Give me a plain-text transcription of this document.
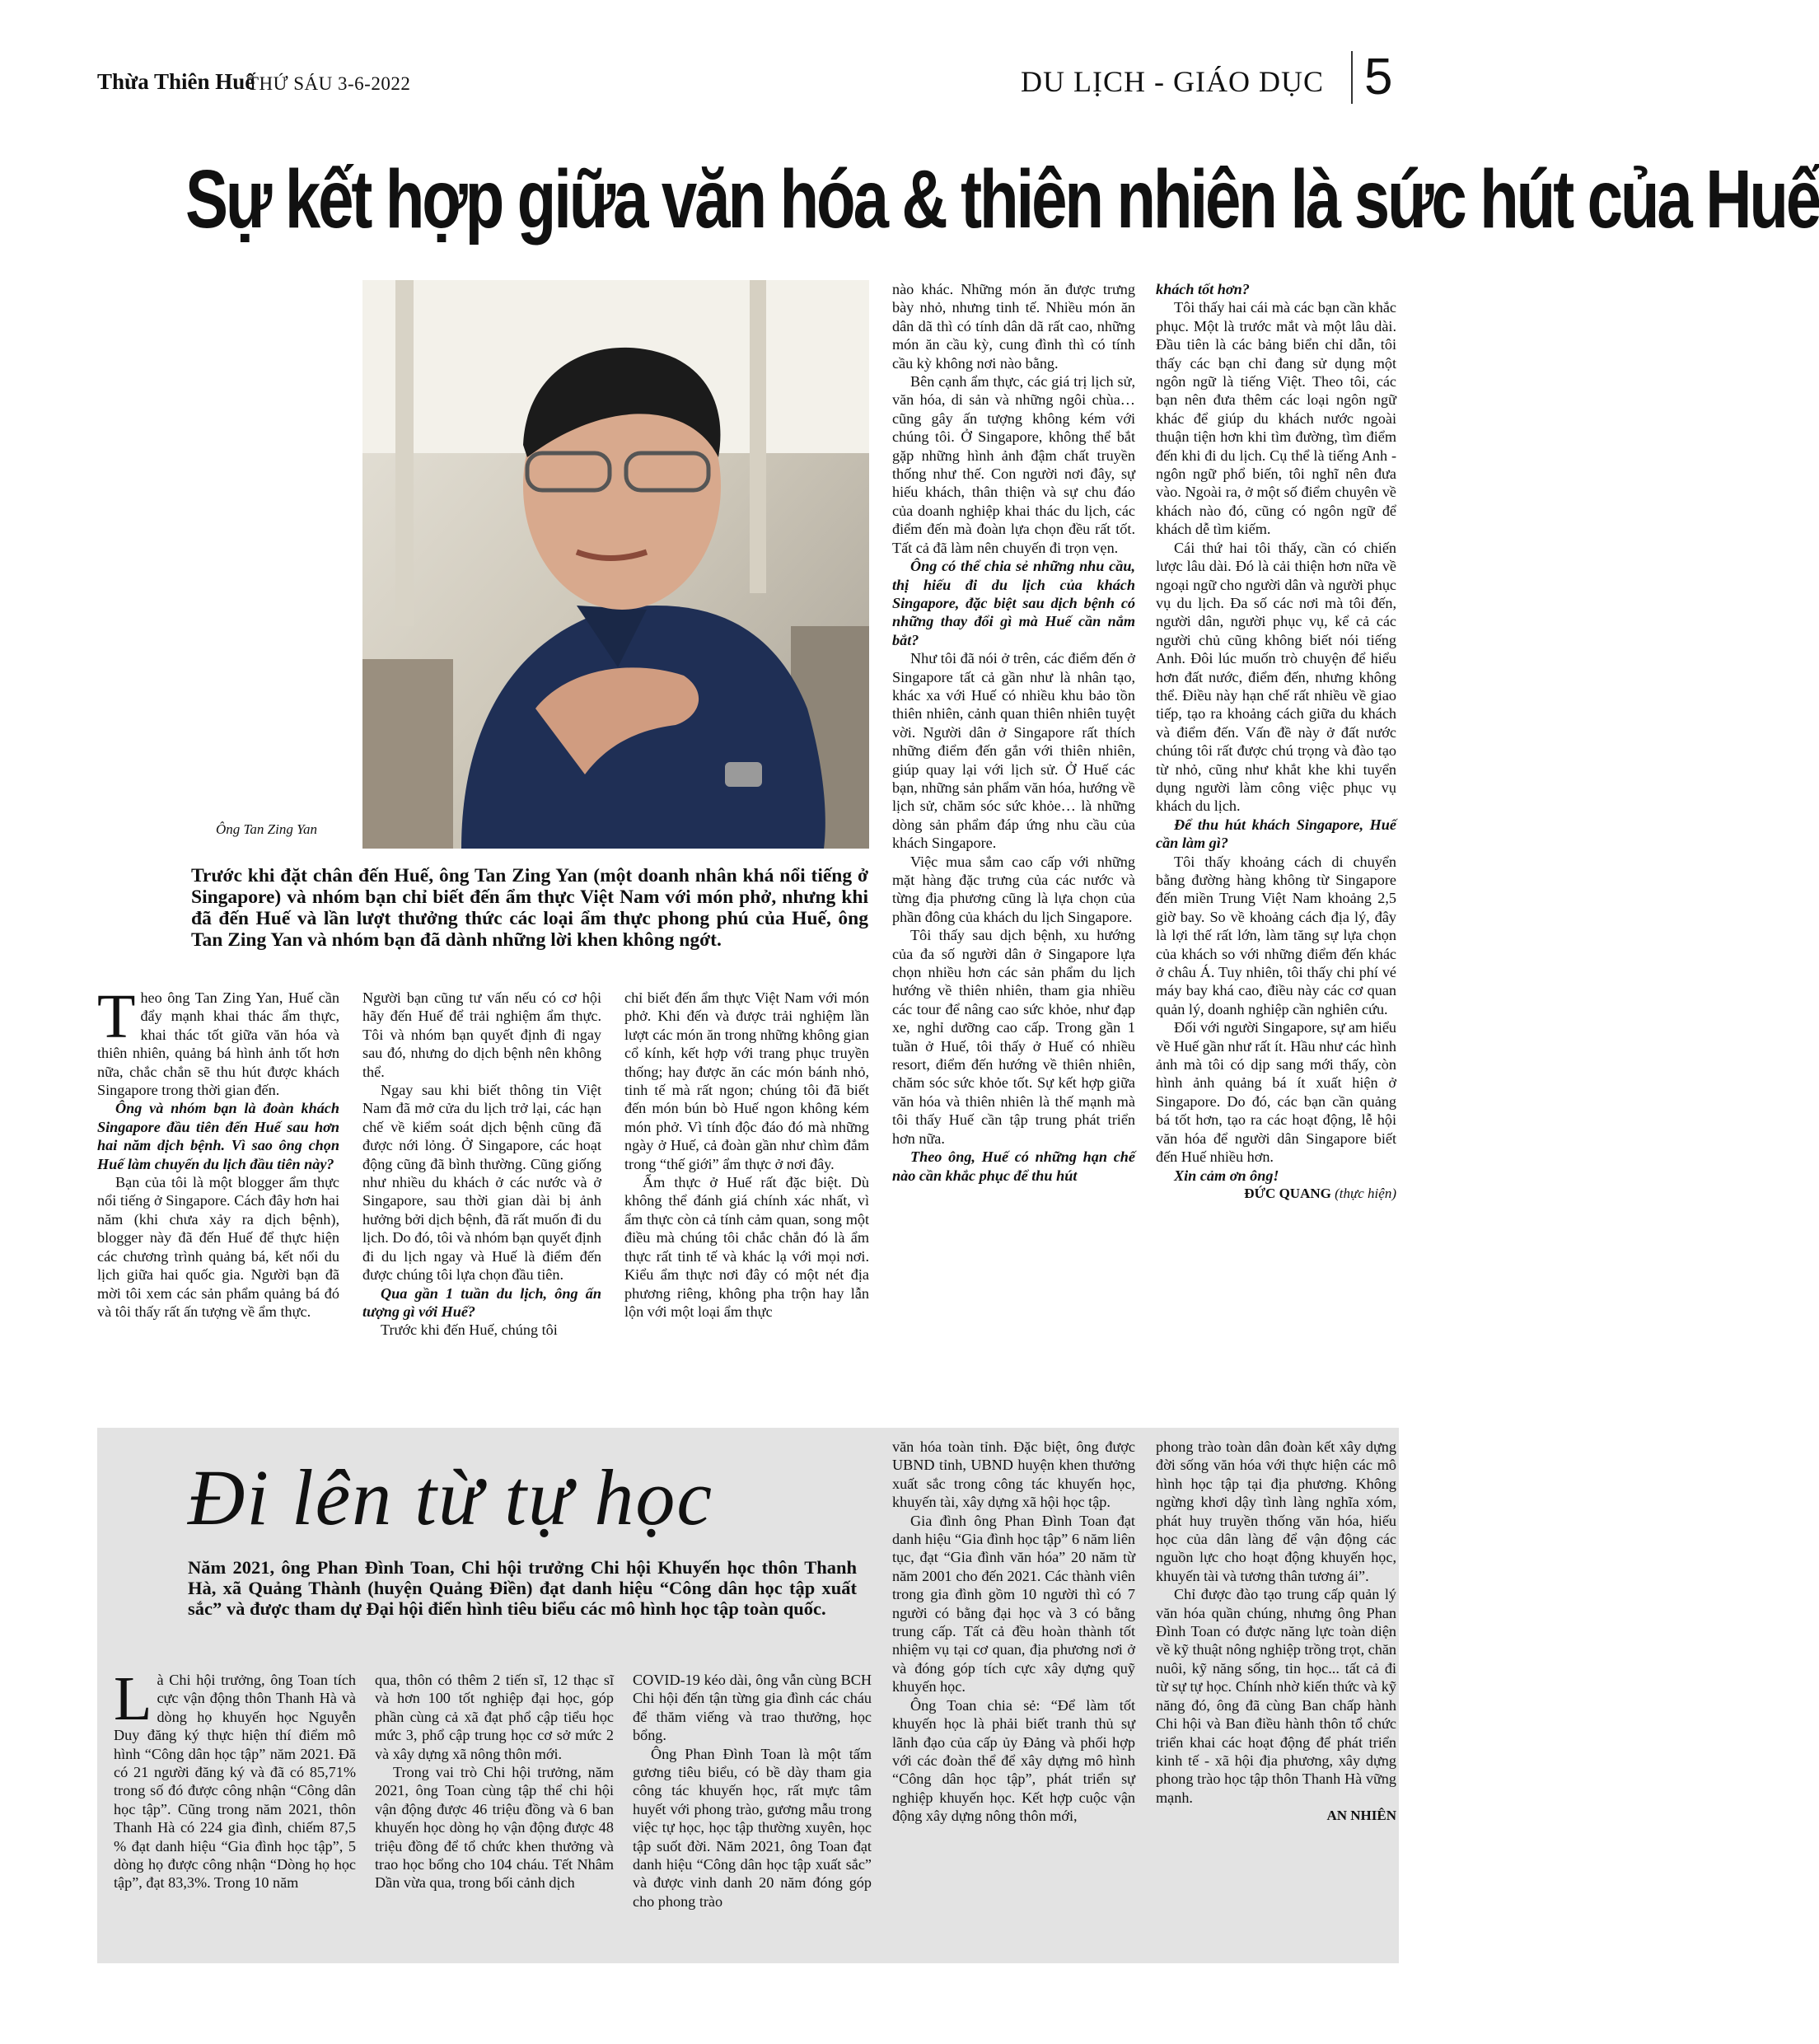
Thừa Thiên Huế
THỨ SÁU 3-6-2022	DU LỊCH - GIÁO DỤC 5
Sự kết hợp giữa văn hóa & thiên nhiên là sức hút của Huế
Ông Tan Zing Yan
Trước khi đặt chân đến Huế, ông Tan Zing Yan (một doanh nhân khá nổi tiếng ở Singapore) và nhóm bạn chỉ biết đến ẩm thực Việt Nam với món phở, nhưng khi đã đến Huế và lần lượt thưởng thức các loại ẩm thực phong phú của Huế, ông Tan Zing Yan và nhóm bạn đã dành những lời khen không ngớt.
T heo ông Tan Zing Yan, Huế cần đẩy mạnh khai thác ẩm thực, khai thác tốt giữa văn hóa và thiên nhiên, quảng bá hình ảnh tốt hơn nữa, chắc chắn sẽ thu hút được khách Singapore trong thời gian đến.

Ông và nhóm bạn là đoàn khách Singapore đầu tiên đến Huế sau hơn hai năm dịch bệnh. Vì sao ông chọn Huế làm chuyến du lịch đầu tiên này?

Bạn của tôi là một blogger ẩm thực nổi tiếng ở Singapore. Cách đây hơn hai năm (khi chưa xảy ra dịch bệnh), blogger này đã đến Huế để thực hiện các chương trình quảng bá, kết nối du lịch giữa hai quốc gia. Người bạn đã mời tôi xem các sản phẩm quảng bá đó và tôi thấy rất ấn tượng về ẩm thực.

Người bạn cũng tư vấn nếu có cơ hội hãy đến Huế để trải nghiệm ẩm thực. Tôi và nhóm bạn quyết định đi ngay sau đó, nhưng do dịch bệnh nên không thể.

Ngay sau khi biết thông tin Việt Nam đã mở cửa du lịch trở lại, các hạn chế về kiểm soát dịch bệnh cũng đã được nới lỏng. Ở Singapore, các hoạt động cũng đã bình thường. Cũng giống như nhiều du khách ở các nước và ở Singapore, sau thời gian dài bị ảnh hưởng bởi dịch bệnh, đã rất muốn đi du lịch. Do đó, tôi và nhóm bạn quyết định đi du lịch ngay và Huế là điểm đến được chúng tôi lựa chọn đầu tiên.

Qua gần 1 tuần du lịch, ông ấn tượng gì với Huế?

Trước khi đến Huế, chúng tôi

chỉ biết đến ẩm thực Việt Nam với món phở. Khi đến và được trải nghiệm lần lượt các món ăn trong những không gian cổ kính, kết hợp với trang phục truyền thống; hay được ăn các món bánh nhỏ, tinh tế mà rất ngon; chúng tôi đã biết đến món bún bò Huế ngon không kém món phở. Vì tính độc đáo đó mà những ngày ở Huế, cả đoàn gần như chìm đắm trong “thế giới” ẩm thực ở nơi đây.

Ẩm thực ở Huế rất đặc biệt. Dù không thể đánh giá chính xác nhất, vì ẩm thực còn cả tính cảm quan, song một điều mà chúng tôi chắc chắn đó là ẩm thực rất tinh tế và khác lạ với mọi nơi. Kiểu ẩm thực nơi đây có một nét địa phương riêng, không pha trộn hay lẫn lộn với một loại ẩm thực

nào khác. Những món ăn được trưng bày nhỏ, nhưng tinh tế. Nhiều món ăn dân dã thì có tính dân dã rất cao, những món ăn cầu kỳ, cung đình thì có tính cầu kỳ không nơi nào bằng.

Bên cạnh ẩm thực, các giá trị lịch sử, văn hóa, di sản và những ngôi chùa… cũng gây ấn tượng không kém với chúng tôi. Ở Singapore, không thể bắt gặp những hình ảnh đậm chất truyền thống như thế. Con người nơi đây, sự hiếu khách, thân thiện và sự chu đáo của doanh nghiệp khai thác du lịch, các điểm đến mà đoàn lựa chọn đều rất tốt. Tất cả đã làm nên chuyến đi trọn vẹn.

Ông có thể chia sẻ những nhu cầu, thị hiếu đi du lịch của khách Singapore, đặc biệt sau dịch bệnh có những thay đổi gì mà Huế cần nắm bắt?

Như tôi đã nói ở trên, các điểm đến ở Singapore tất cả gần như là nhân tạo, khác xa với Huế có nhiều khu bảo tồn thiên nhiên, cảnh quan thiên nhiên tuyệt vời. Người dân ở Singapore rất thích những điểm đến gắn với thiên nhiên, giúp quay lại với lịch sử. Ở Huế các bạn, những sản phẩm văn hóa, hướng về lịch sử, chăm sóc sức khỏe… là những dòng sản phẩm đáp ứng nhu cầu của khách Singapore.

Việc mua sắm cao cấp với những mặt hàng đặc trưng của các nước và từng địa phương cũng là lựa chọn của phần đông của khách du lịch Singapore.

Tôi thấy sau dịch bệnh, xu hướng của đa số người dân ở Singapore lựa chọn nhiều hơn các sản phẩm du lịch hướng về thiên nhiên, tham gia nhiều các tour để nâng cao sức khỏe, như đạp xe, nghỉ dưỡng cao cấp. Trong gần 1 tuần ở Huế, tôi thấy ở Huế có nhiều resort, điểm đến hướng về thiên nhiên, chăm sóc sức khỏe tốt. Sự kết hợp giữa văn hóa và thiên nhiên là thế mạnh mà tôi thấy Huế cần tập trung phát triển hơn nữa.

Theo ông, Huế có những hạn chế nào cần khắc phục để thu hút

khách tốt hơn?

Tôi thấy hai cái mà các bạn cần khắc phục. Một là trước mắt và một lâu dài. Đầu tiên là các bảng biển chỉ dẫn, tôi thấy các bạn chỉ đang sử dụng một ngôn ngữ là tiếng Việt. Theo tôi, các bạn nên đưa thêm các loại ngôn ngữ khác để giúp du khách nước ngoài thuận tiện hơn khi tìm đường, tìm điểm đến khi đi du lịch. Cụ thể là tiếng Anh - ngôn ngữ phổ biến, tôi nghĩ nên đưa vào. Ngoài ra, ở một số điểm chuyên về khách nào đó, cũng có ngôn ngữ để khách dễ tìm kiếm.

Cái thứ hai tôi thấy, cần có chiến lược lâu dài. Đó là cải thiện hơn nữa về ngoại ngữ cho người dân và người phục vụ du lịch. Đa số các nơi mà tôi đến, người dân, người phục vụ, kể cả các người chủ cũng không biết nói tiếng Anh. Đôi lúc muốn trò chuyện để hiểu hơn đất nước, điểm đến, nhưng không thể. Điều này hạn chế rất nhiều về giao tiếp, tạo ra khoảng cách giữa du khách và điểm đến. Vấn đề này ở đất nước chúng tôi rất được chú trọng và đào tạo từ nhỏ, cũng như khắt khe khi tuyển dụng người làm công việc phục vụ khách du lịch.

Để thu hút khách Singapore, Huế cần làm gì?

Tôi thấy khoảng cách di chuyển bằng đường hàng không từ Singapore đến miền Trung Việt Nam khoảng 2,5 giờ bay. So về khoảng cách địa lý, đây là lợi thế rất lớn, làm tăng sự lựa chọn của khách so với những điểm đến khác ở châu Á. Tuy nhiên, tôi thấy chi phí vé máy bay khá cao, điều này các cơ quan quản lý, doanh nghiệp cần nghiên cứu.

Đối với người Singapore, sự am hiểu về Huế gần như rất ít. Hầu như các hình ảnh mà tôi có dịp sang mới thấy, còn hình ảnh quảng bá ít xuất hiện ở Singapore. Do đó, các bạn cần quảng bá tốt hơn, tạo ra các hoạt động, lễ hội văn hóa để người dân Singapore biết đến Huế nhiều hơn.

Xin cảm ơn ông!

ĐỨC QUANG (thực hiện)

Đi lên từ tự học
Năm 2021, ông Phan Đình Toan, Chi hội trưởng Chi hội Khuyến học thôn Thanh Hà, xã Quảng Thành (huyện Quảng Điền) đạt danh hiệu “Công dân học tập xuất sắc” và được tham dự Đại hội điển hình tiêu biểu các mô hình học tập toàn quốc.
L à Chi hội trưởng, ông Toan tích cực vận động thôn Thanh Hà và dòng họ khuyến học Nguyễn Duy đăng ký thực hiện thí điểm mô hình “Công dân học tập” năm 2021. Đã có 21 người đăng ký và đã có 85,71% trong số đó được công nhận “Công dân học tập”. Cũng trong năm 2021, thôn Thanh Hà có 224 gia đình, chiếm 87,5 % đạt danh hiệu “Gia đình học tập”, 5 dòng họ được công nhận “Dòng họ học tập”, đạt 83,3%. Trong 10 năm

qua, thôn có thêm 2 tiến sĩ, 12 thạc sĩ và hơn 100 tốt nghiệp đại học, góp phần cùng cả xã đạt phổ cập tiểu học mức 3, phổ cập trung học cơ sở mức 2 và xây dựng xã nông thôn mới.

Trong vai trò Chi hội trưởng, năm 2021, ông Toan cùng tập thể chi hội vận động được 46 triệu đồng và 6 ban khuyến học dòng họ vận động được 48 triệu đồng để tổ chức khen thưởng và trao học bổng cho 104 cháu. Tết Nhâm Dần vừa qua, trong bối cảnh dịch

COVID-19 kéo dài, ông vẫn cùng BCH Chi hội đến tận từng gia đình các cháu để thăm viếng và trao thưởng, học bổng.

Ông Phan Đình Toan là một tấm gương tiêu biểu, có bề dày tham gia công tác khuyến học, rất mực tâm huyết với phong trào, gương mẫu trong việc tự học, học tập thường xuyên, học tập suốt đời. Năm 2021, ông Toan đạt danh hiệu “Công dân học tập xuất sắc” và được vinh danh 20 năm đóng góp cho phong trào

văn hóa toàn tỉnh. Đặc biệt, ông được UBND tỉnh, UBND huyện khen thưởng xuất sắc trong công tác khuyến học, khuyến tài, xây dựng xã hội học tập.

Gia đình ông Phan Đình Toan đạt danh hiệu “Gia đình học tập” 6 năm liên tục, đạt “Gia đình văn hóa” 20 năm từ năm 2001 cho đến 2021. Các thành viên trong gia đình gồm 10 người thì có 7 người có bằng đại học và 3 có bằng trung cấp. Tất cả đều hoàn thành tốt nhiệm vụ tại cơ quan, địa phương nơi ở và đóng góp tích cực xây dựng quỹ khuyến học.

Ông Toan chia sẻ: “Để làm tốt khuyến học là phải biết tranh thủ sự lãnh đạo của cấp ủy Đảng và phối hợp với các đoàn thể để xây dựng mô hình “Công dân học tập”, phát triển sự nghiệp khuyến học. Kết hợp cuộc vận động xây dựng nông thôn mới,

phong trào toàn dân đoàn kết xây dựng đời sống văn hóa với thực hiện các mô hình học tập tại địa phương. Không ngừng khơi dậy tình làng nghĩa xóm, phát huy truyền thống văn hóa, hiếu học của dân làng để vận động các nguồn lực cho hoạt động khuyến học, khuyến tài và tương thân tương ái”.

Chỉ được đào tạo trung cấp quản lý văn hóa quần chúng, nhưng ông Phan Đình Toan có được năng lực toàn diện về kỹ thuật nông nghiệp trồng trọt, chăn nuôi, kỹ năng sống, tin học... tất cả đi từ sự tự học. Chính nhờ kiến thức và kỹ năng đó, ông đã cùng Ban chấp hành Chi hội và Ban điều hành thôn tổ chức triển khai các hoạt động để phát triển kinh tế - xã hội địa phương, xây dựng phong trào học tập thôn Thanh Hà vững mạnh.

AN NHIÊN
